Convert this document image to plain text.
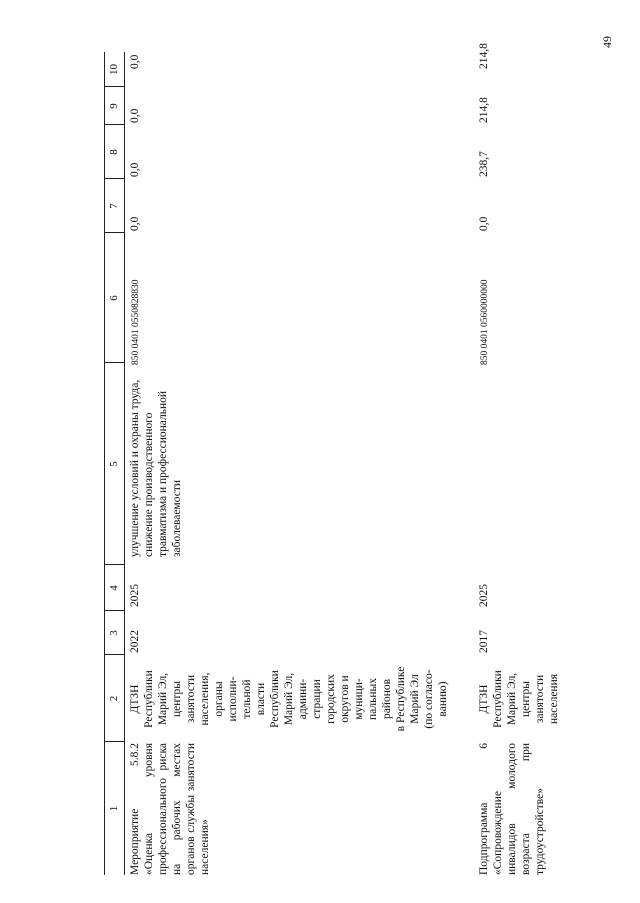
49
1
2
3
4
5
6
7
8
9
10
Мероприятие 5.8.2 «Оценка уровня профессионального риска на рабочих местах органов службы занятости населения»
ДТЗН
Республики
Марий Эл,
центры
занятости
населения,
органы
исполни-
тельной
власти
Республики
Марий Эл,
админи-
страции
городских
округов и
муници-
пальных
районов
в Республике
Марий Эл
(по согласо-
ванию)
2022
2025
улучшение условий и охраны труда, снижение производственного травматизма и профессиональной заболеваемости
850 0401 0550828830
0,0
0,0
0,0
0,0
Подпрограмма 6 «Сопровождение инвалидов молодого возраста при трудоустройстве»
ДТЗН
Республики
Марий Эл,
центры
занятости
населения
2017
2025
850 0401 0560000000
0,0
238,7
214,8
214,8
